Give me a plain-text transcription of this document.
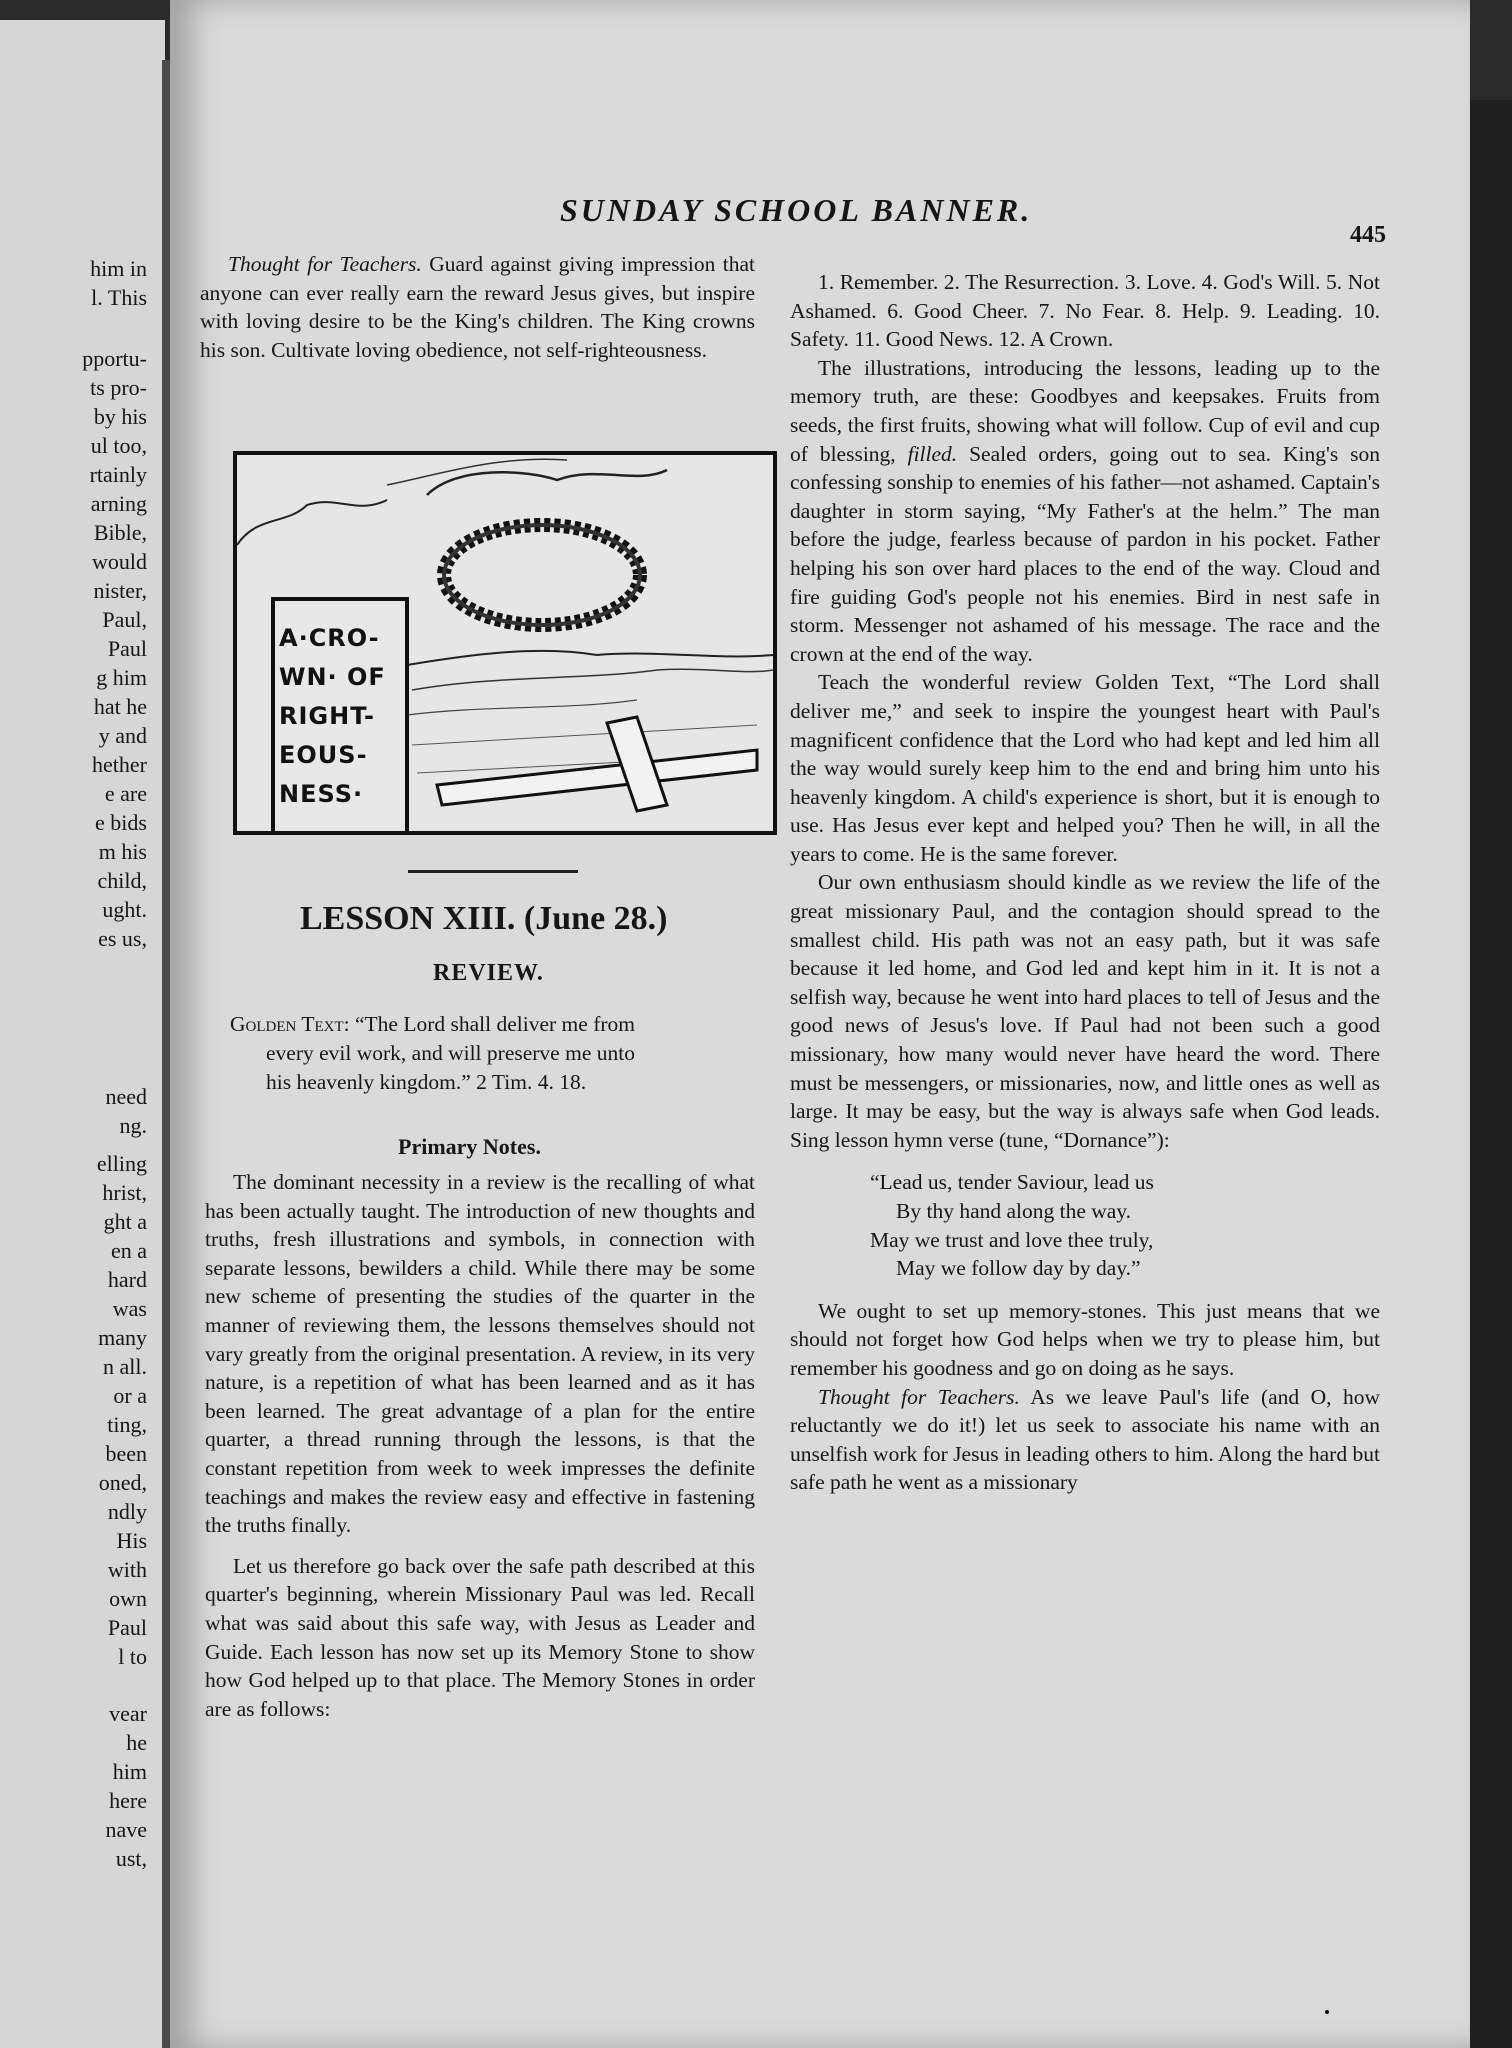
him in
l. This
pportu-
ts pro-
by his
ul too,
rtainly
arning
Bible,
would
nister,
Paul,
Paul
g him
hat he
y and
hether
e are
e bids
m his
child,
ught.
es us,
need
ng.
elling
hrist,
ght a
en a
hard
was
many
n all.
or a
ting,
been
oned,
ndly
His
with
own
Paul
l to
vear
he
him
here
nave
ust,
SUNDAY SCHOOL BANNER.
445

Thought for Teachers. Guard against giving impression that anyone can ever really earn the reward Jesus gives, but inspire with loving desire to be the King's children. The King crowns his son. Cultivate loving obedience, not self-righteousness.

A·CRO-
WN· OF
RIGHT-
EOUS-
NESS·
LESSON XIII. (June 28.)
REVIEW.
Golden Text: “The Lord shall deliver me from
every evil work, and will preserve me unto
his heavenly kingdom.” 2 Tim. 4. 18.
Primary Notes.

The dominant necessity in a review is the recalling of what has been actually taught. The introduction of new thoughts and truths, fresh illustrations and symbols, in connection with separate lessons, bewilders a child. While there may be some new scheme of presenting the studies of the quarter in the manner of reviewing them, the lessons themselves should not vary greatly from the original presentation. A review, in its very nature, is a repetition of what has been learned and as it has been learned. The great advantage of a plan for the entire quarter, a thread running through the lessons, is that the constant repetition from week to week impresses the definite teachings and makes the review easy and effective in fastening the truths finally.

Let us therefore go back over the safe path described at this quarter's beginning, wherein Missionary Paul was led. Recall what was said about this safe way, with Jesus as Leader and Guide. Each lesson has now set up its Memory Stone to show how God helped up to that place. The Memory Stones in order are as follows:

1. Remember. 2. The Resurrection. 3. Love. 4. God's Will. 5. Not Ashamed. 6. Good Cheer. 7. No Fear. 8. Help. 9. Leading. 10. Safety. 11. Good News. 12. A Crown.

The illustrations, introducing the lessons, leading up to the memory truth, are these: Goodbyes and keepsakes. Fruits from seeds, the first fruits, showing what will follow. Cup of evil and cup of blessing, filled. Sealed orders, going out to sea. King's son confessing sonship to enemies of his father—not ashamed. Captain's daughter in storm saying, “My Father's at the helm.” The man before the judge, fearless because of pardon in his pocket. Father helping his son over hard places to the end of the way. Cloud and fire guiding God's people not his enemies. Bird in nest safe in storm. Messenger not ashamed of his message. The race and the crown at the end of the way.

Teach the wonderful review Golden Text, “The Lord shall deliver me,” and seek to inspire the youngest heart with Paul's magnificent confidence that the Lord who had kept and led him all the way would surely keep him to the end and bring him unto his heavenly kingdom. A child's experience is short, but it is enough to use. Has Jesus ever kept and helped you? Then he will, in all the years to come. He is the same forever.

Our own enthusiasm should kindle as we review the life of the great missionary Paul, and the contagion should spread to the smallest child. His path was not an easy path, but it was safe because it led home, and God led and kept him in it. It is not a selfish way, because he went into hard places to tell of Jesus and the good news of Jesus's love. If Paul had not been such a good missionary, how many would never have heard the word. There must be messengers, or missionaries, now, and little ones as well as large. It may be easy, but the way is always safe when God leads. Sing lesson hymn verse (tune, “Dornance”):

“Lead us, tender Saviour, lead us
By thy hand along the way.
May we trust and love thee truly,
May we follow day by day.”

We ought to set up memory-stones. This just means that we should not forget how God helps when we try to please him, but remember his goodness and go on doing as he says.

Thought for Teachers. As we leave Paul's life (and O, how reluctantly we do it!) let us seek to associate his name with an unselfish work for Jesus in leading others to him. Along the hard but safe path he went as a missionary
